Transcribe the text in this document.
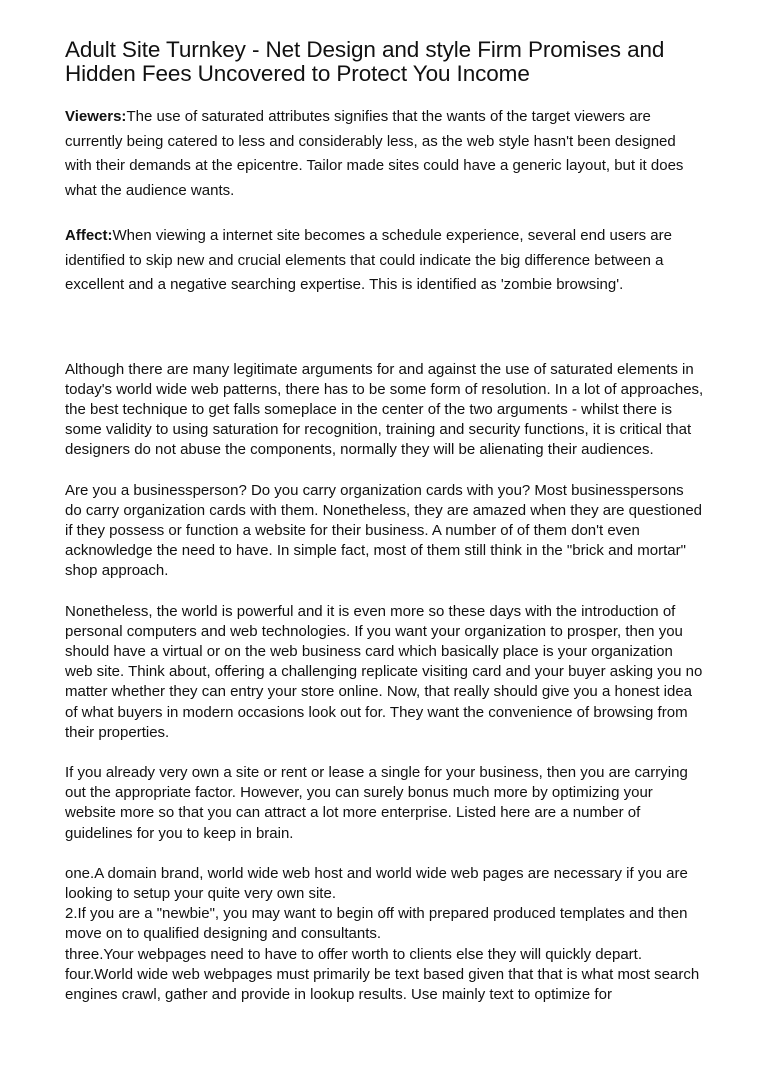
Adult Site Turnkey - Net Design and style Firm Promises and Hidden Fees Uncovered to Protect You Income

Viewers:The use of saturated attributes signifies that the wants of the target viewers are currently being catered to less and considerably less, as the web style hasn't been designed with their demands at the epicentre. Tailor made sites could have a generic layout, but it does what the audience wants.

Affect:When viewing a internet site becomes a schedule experience, several end users are identified to skip new and crucial elements that could indicate the big difference between a excellent and a negative searching expertise. This is identified as 'zombie browsing'.

Although there are many legitimate arguments for and against the use of saturated elements in today's world wide web patterns, there has to be some form of resolution. In a lot of approaches, the best technique to get falls someplace in the center of the two arguments - whilst there is some validity to using saturation for recognition, training and security functions, it is critical that designers do not abuse the components, normally they will be alienating their audiences.

Are you a businessperson? Do you carry organization cards with you? Most businesspersons do carry organization cards with them. Nonetheless, they are amazed when they are questioned if they possess or function a website for their business. A number of of them don't even acknowledge the need to have. In simple fact, most of them still think in the "brick and mortar" shop approach.

Nonetheless, the world is powerful and it is even more so these days with the introduction of personal computers and web technologies. If you want your organization to prosper, then you should have a virtual or on the web business card which basically place is your organization web site. Think about, offering a challenging replicate visiting card and your buyer asking you no matter whether they can entry your store online. Now, that really should give you a honest idea of what buyers in modern occasions look out for. They want the convenience of browsing from their properties.

If you already very own a site or rent or lease a single for your business, then you are carrying out the appropriate factor. However, you can surely bonus much more by optimizing your website more so that you can attract a lot more enterprise. Listed here are a number of guidelines for you to keep in brain.

one.A domain brand, world wide web host and world wide web pages are necessary if you are looking to setup your quite very own site.

2.If you are a "newbie", you may want to begin off with prepared produced templates and then move on to qualified designing and consultants.

three.Your webpages need to have to offer worth to clients else they will quickly depart.

four.World wide web webpages must primarily be text based given that that is what most search engines crawl, gather and provide in lookup results. Use mainly text to optimize for
